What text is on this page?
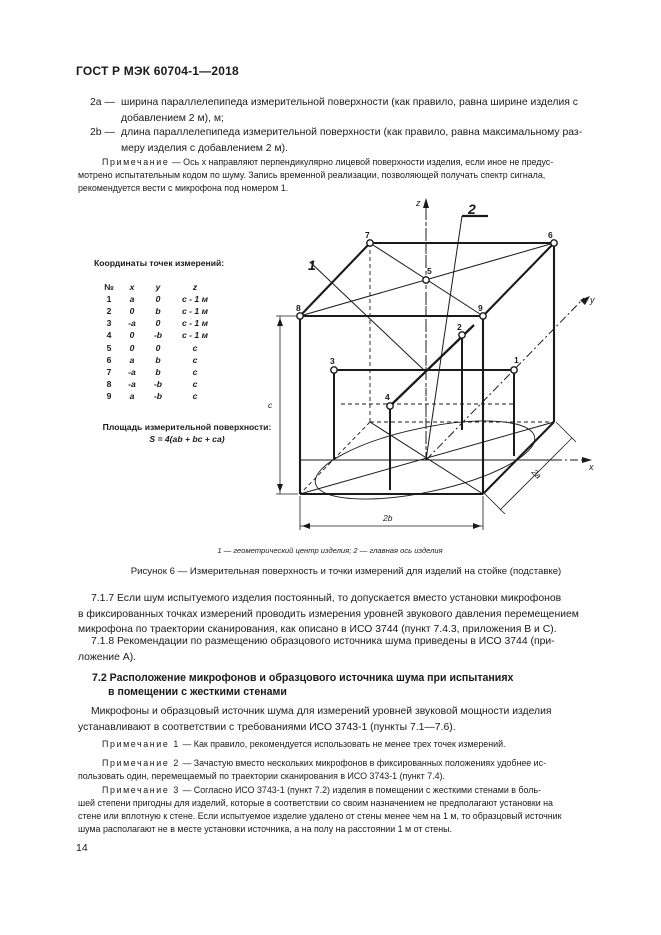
ГОСТ Р МЭК 60704-1—2018
2a — ширина параллелепипеда измерительной поверхности (как правило, равна ширине изделия с
добавлением 2 м), м;
2b — длина параллелепипеда измерительной поверхности (как правило, равна максимальному раз-
меру изделия с добавлением 2 м).
Примечание — Ось x направляют перпендикулярно лицевой поверхности изделия, если иное не предус-
мотрено испытательным кодом по шуму. Запись временной реализации, позволяющей получать спектр сигнала,
рекомендуется вести с микрофона под номером 1.
Координаты точек измерений:
№	x	y	z
1	a	0	c - 1 м
2	0	b	c - 1 м
3	-a	0	c - 1 м
4	0	-b	c - 1 м
5	0	0	c
6	a	b	c
7	-a	b	c
8	-a	-b	c
9	a	-b	c
Площадь измерительной поверхности:
S = 4(ab + bc + ca)
1
2
3
4
5
6
7
8	9
1
2
z
y
x
c
2b
2a
1 — геометрический центр изделия; 2 — главная ось изделия
Рисунок 6 — Измерительная поверхность и точки измерений для изделий на стойке (подставке)
7.1.7 Если шум испытуемого изделия постоянный, то допускается вместо установки микрофонов
в фиксированных точках измерений проводить измерения уровней звукового давления перемещением
микрофона по траектории сканирования, как описано в ИСО 3744 (пункт 7.4.3, приложения В и С).
7.1.8 Рекомендации по размещению образцового источника шума приведены в ИСО 3744 (при-
ложение А).
7.2 Расположение микрофонов и образцового источника шума при испытаниях
в помещении с жесткими стенами
Микрофоны и образцовый источник шума для измерений уровней звуковой мощности изделия
устанавливают в соответствии с требованиями ИСО 3743-1 (пункты 7.1—7.6).
Примечание 1 — Как правило, рекомендуется использовать не менее трех точек измерений.
Примечание 2 — Зачастую вместо нескольких микрофонов в фиксированных положениях удобнее ис-
пользовать один, перемещаемый по траектории сканирования в ИСО 3743-1 (пункт 7.4).
Примечание 3 — Согласно ИСО 3743-1 (пункт 7.2) изделия в помещении с жесткими стенами в боль-
шей степени пригодны для изделий, которые в соответствии со своим назначением не предполагают установки на
стене или вплотную к стене. Если испытуемое изделие удалено от стены менее чем на 1 м, то образцовый источник
шума располагают не в месте установки источника, а на полу на расстоянии 1 м от стены.
14
